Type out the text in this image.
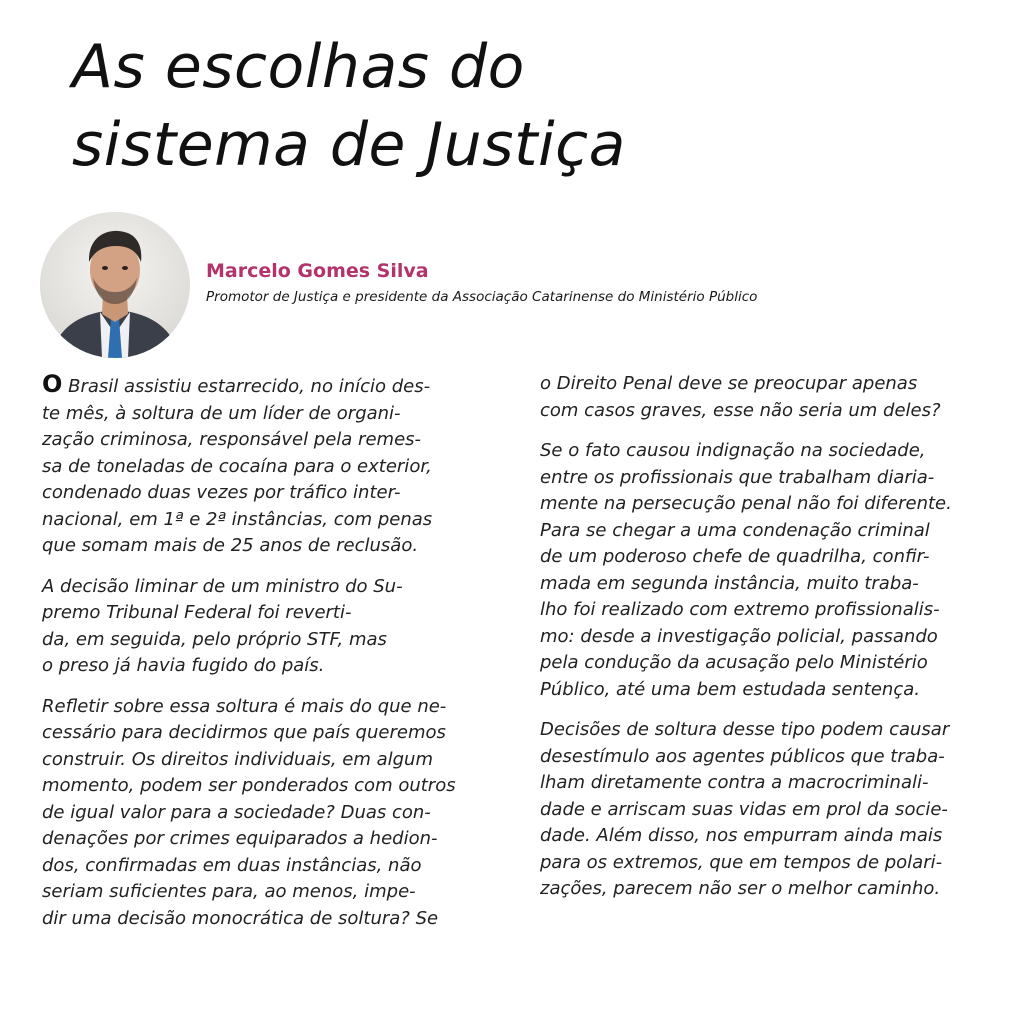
As escolhas do
sistema de Justiça
Marcelo Gomes Silva
Promotor de Justiça e presidente da Associação Catarinense do Ministério Público

O Brasil assistiu estarrecido, no início des-
te mês, à soltura de um líder de organi-
zação criminosa, responsável pela remes-
sa de toneladas de cocaína para o exterior,
condenado duas vezes por tráfico inter-
nacional, em 1ª e 2ª instâncias, com penas
que somam mais de 25 anos de reclusão.

A decisão liminar de um ministro do Su-
premo Tribunal Federal foi reverti-
da, em seguida, pelo próprio STF, mas
o preso já havia fugido do país.

Refletir sobre essa soltura é mais do que ne-
cessário para decidirmos que país queremos
construir. Os direitos individuais, em algum
momento, podem ser ponderados com outros
de igual valor para a sociedade? Duas con-
denações por crimes equiparados a hedion-
dos, confirmadas em duas instâncias, não
seriam suficientes para, ao menos, impe-
dir uma decisão monocrática de soltura? Se

o Direito Penal deve se preocupar apenas
com casos graves, esse não seria um deles?

Se o fato causou indignação na sociedade,
entre os profissionais que trabalham diaria-
mente na persecução penal não foi diferente.
Para se chegar a uma condenação criminal
de um poderoso chefe de quadrilha, confir-
mada em segunda instância, muito traba-
lho foi realizado com extremo profissionalis-
mo: desde a investigação policial, passando
pela condução da acusação pelo Ministério
Público, até uma bem estudada sentença.

Decisões de soltura desse tipo podem causar
desestímulo aos agentes públicos que traba-
lham diretamente contra a macrocriminali-
dade e arriscam suas vidas em prol da socie-
dade. Além disso, nos empurram ainda mais
para os extremos, que em tempos de polari-
zações, parecem não ser o melhor caminho.
